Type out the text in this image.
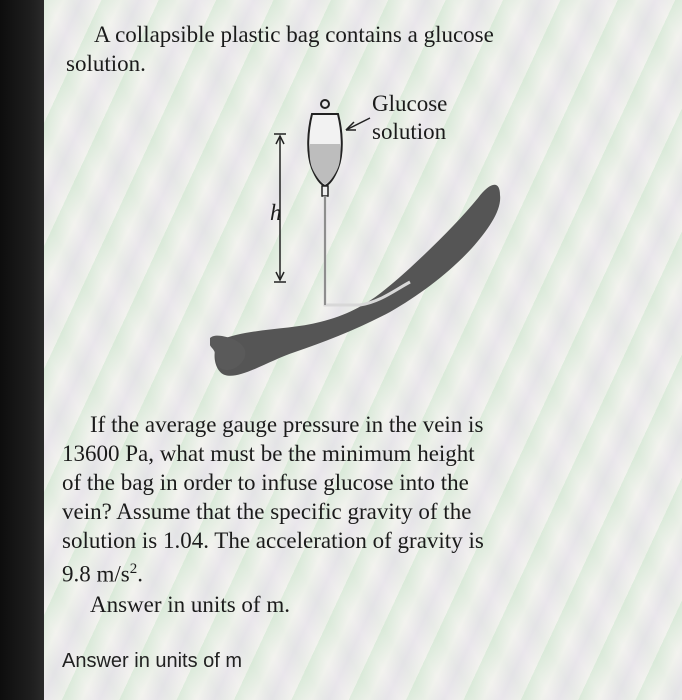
A collapsible plastic bag contains a glucose
solution.
Glucose
solution
h
If the average gauge pressure in the vein is
13600 Pa, what must be the minimum height
of the bag in order to infuse glucose into the
vein? Assume that the specific gravity of the
solution is 1.04. The acceleration of gravity is
9.8 $m/s^2$.
Answer in units of m.
Answer in units of m
